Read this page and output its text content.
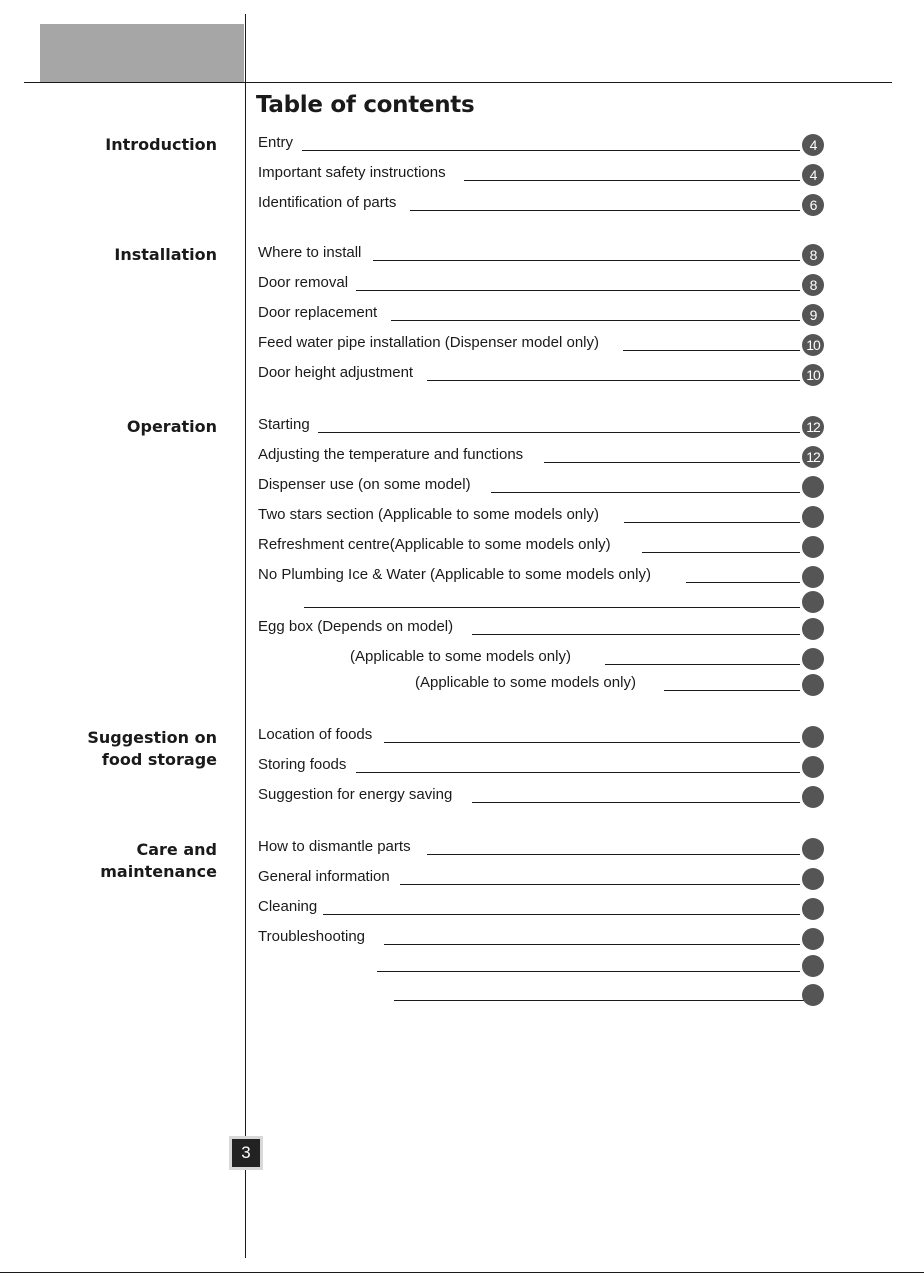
Table of contents
Introduction
Installation
Operation
Suggestion on
food storage
Care and
maintenance
Entry	4
Important safety instructions	4
Identification of parts	6
Where to install	8
Door removal	8
Door replacement	9
Feed water pipe installation (Dispenser model only)	10
Door height adjustment	10
Starting	12
Adjusting the temperature and functions	12
Dispenser use (on some model)
Two stars section (Applicable to some models only)
Refreshment centre(Applicable to some models only)
No Plumbing Ice & Water (Applicable to some models only)
Egg box (Depends on model)
(Applicable to some models only)
(Applicable to some models only)
Location of foods
Storing foods
Suggestion for energy saving
How to dismantle parts
General information
Cleaning
Troubleshooting
3
